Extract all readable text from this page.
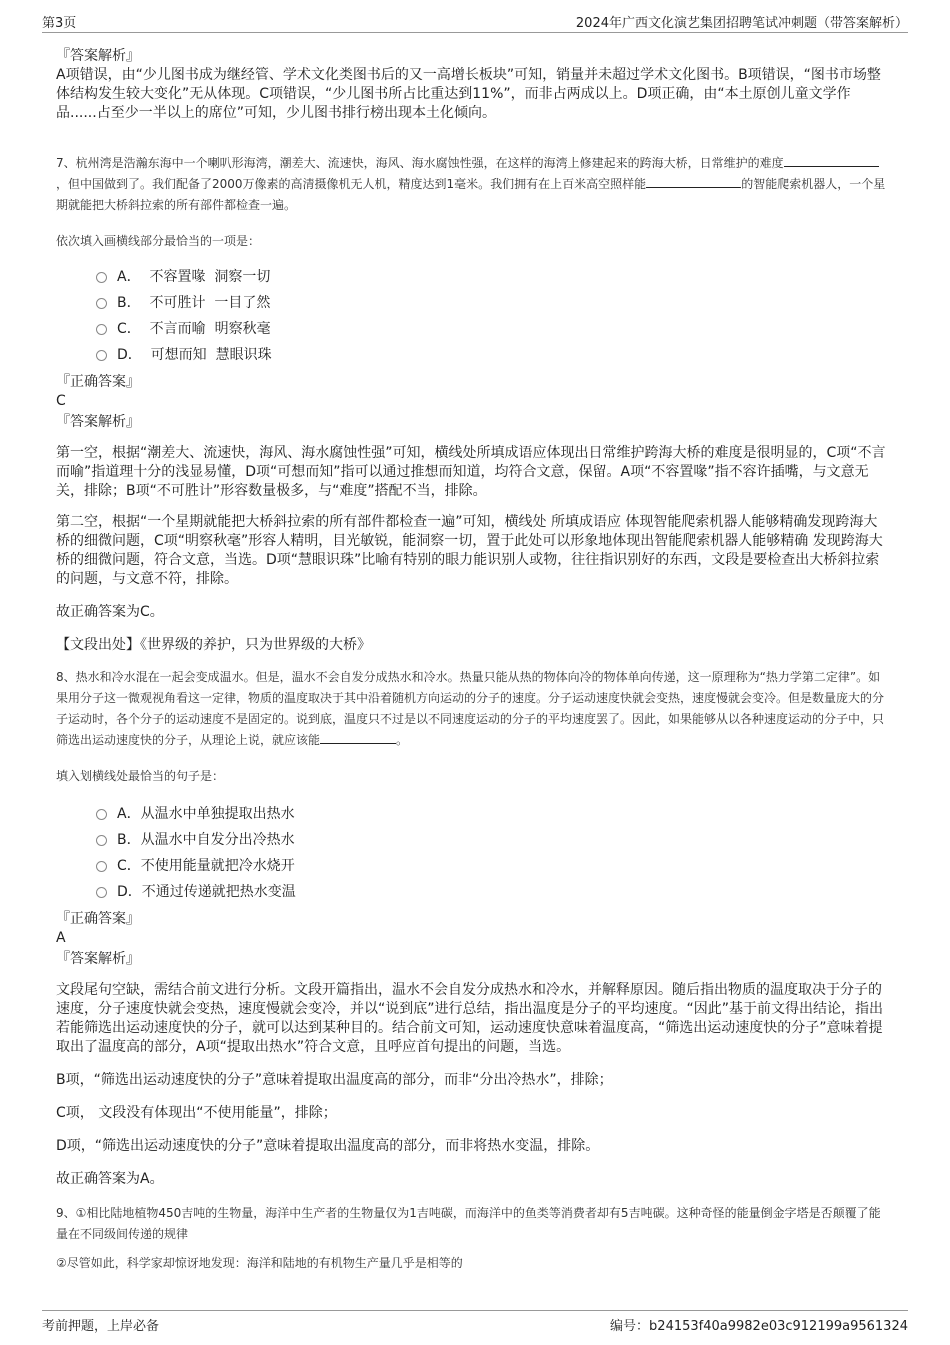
第3页	2024年广西文化演艺集团招聘笔试冲刺题（带答案解析）

『答案解析』

A项错误，由“少儿图书成为继经管、学术文化类图书后的又一高增长板块”可知，销量并未超过学术文化图书。B项错误，“图书市场整体结构发生较大变化”无从体现。C项错误，“少儿图书所占比重达到11%”，而非占两成以上。D项正确，由“本土原创儿童文学作品......占至少一半以上的席位”可知，少儿图书排行榜出现本土化倾向。

7、杭州湾是浩瀚东海中一个喇叭形海湾，潮差大、流速快，海风、海水腐蚀性强，在这样的海湾上修建起来的跨海大桥，日常维护的难度，但中国做到了。我们配备了2000万像素的高清摄像机无人机，精度达到1毫米。我们拥有在上百米高空照样能	的智能爬索机器人，一个星期就能把大桥斜拉索的所有部件都检查一遍。

依次填入画横线部分最恰当的一项是：

A．  不容置喙  洞察一切
B．  不可胜计  一目了然
C．  不言而喻  明察秋毫
D．  可想而知  慧眼识珠

『正确答案』

C

『答案解析』

第一空，根据“潮差大、流速快，海风、海水腐蚀性强”可知，横线处所填成语应体现出日常维护跨海大桥的难度是很明显的，C项“不言而喻”指道理十分的浅显易懂，D项“可想而知”指可以通过推想而知道，均符合文意，保留。A项“不容置喙”指不容许插嘴，与文意无关，排除；B项“不可胜计”形容数量极多，与“难度”搭配不当，排除。

第二空，根据“一个星期就能把大桥斜拉索的所有部件都检查一遍”可知，横线处 所填成语应 体现智能爬索机器人能够精确发现跨海大桥的细微问题，C项“明察秋毫”形容人精明，目光敏锐，能洞察一切，置于此处可以形象地体现出智能爬索机器人能够精确 发现跨海大桥的细微问题，符合文意，当选。D项“慧眼识珠”比喻有特别的眼力能识别人或物，往往指识别好的东西，文段是要检查出大桥斜拉索的问题，与文意不符，排除。

故正确答案为C。

【文段出处】《世界级的养护，只为世界级的大桥》

8、热水和冷水混在一起会变成温水。但是，温水不会自发分成热水和冷水。热量只能从热的物体向冷的物体单向传递，这一原理称为“热力学第二定律”。如果用分子这一微观视角看这一定律，物质的温度取决于其中沿着随机方向运动的分子的速度。分子运动速度快就会变热，速度慢就会变冷。但是数量庞大的分子运动时，各个分子的运动速度不是固定的。说到底，温度只不过是以不同速度运动的分子的平均速度罢了。因此，如果能够从以各种速度运动的分子中，只筛选出运动速度快的分子，从理论上说，就应该能	。

填入划横线处最恰当的句子是：

A．从温水中单独提取出热水
B．从温水中自发分出冷热水
C．不使用能量就把冷水烧开
D．不通过传递就把热水变温

『正确答案』

A

『答案解析』

文段尾句空缺，需结合前文进行分析。文段开篇指出，温水不会自发分成热水和冷水，并解释原因。随后指出物质的温度取决于分子的速度，分子速度快就会变热，速度慢就会变冷，并以“说到底”进行总结，指出温度是分子的平均速度。“因此”基于前文得出结论，指出若能筛选出运动速度快的分子，就可以达到某种目的。结合前文可知，运动速度快意味着温度高，“筛选出运动速度快的分子”意味着提取出了温度高的部分，A项“提取出热水”符合文意，且呼应首句提出的问题，当选。

B项，“筛选出运动速度快的分子”意味着提取出温度高的部分，而非“分出冷热水”，排除；

C项， 文段没有体现出“不使用能量”，排除；

D项，“筛选出运动速度快的分子”意味着提取出温度高的部分，而非将热水变温，排除。

故正确答案为A。

9、①相比陆地植物450吉吨的生物量，海洋中生产者的生物量仅为1吉吨碳，而海洋中的鱼类等消费者却有5吉吨碳。这种奇怪的能量倒金字塔是否颠覆了能量在不同级间传递的规律

②尽管如此，科学家却惊讶地发现：海洋和陆地的有机物生产量几乎是相等的

考前押题，上岸必备	编号：b24153f40a9982e03c912199a9561324
